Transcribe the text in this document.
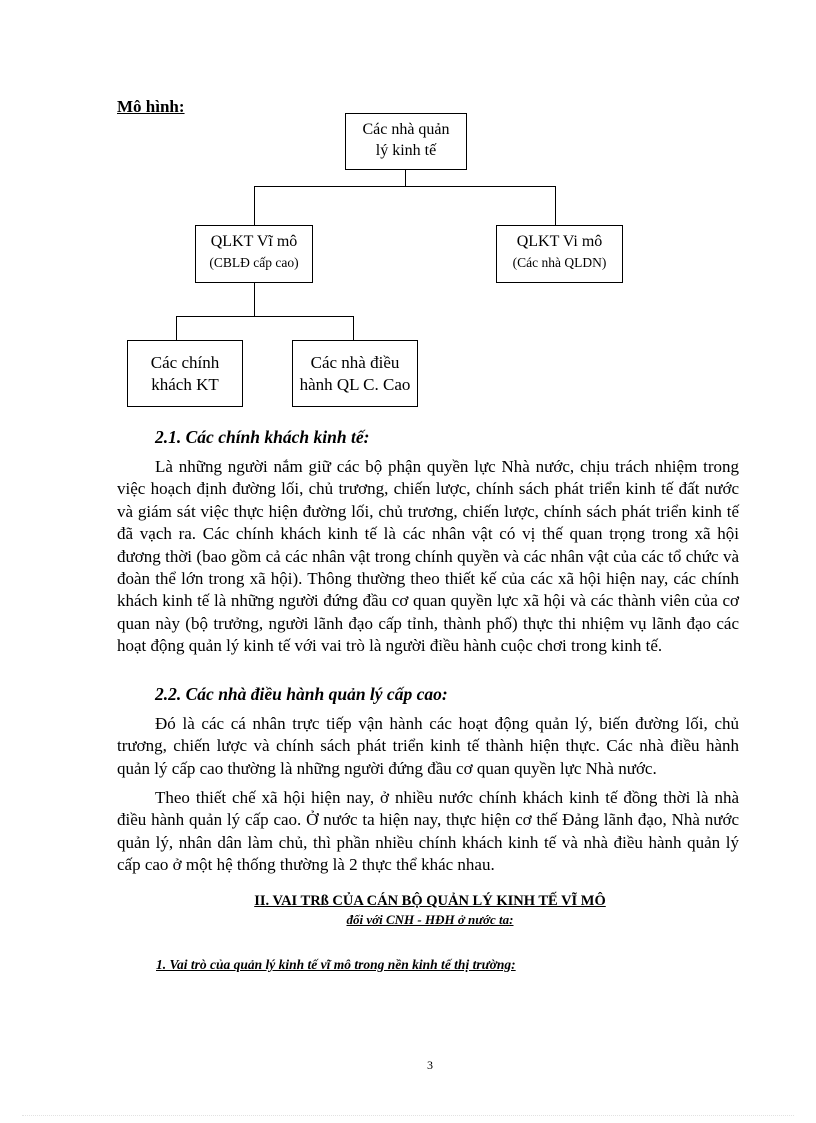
Mô hình:
Các nhà quản
lý kinh tế
QLKT Vĩ mô
(CBLĐ cấp cao)
QLKT Vi mô
(Các nhà QLDN)
Các chính
khách KT
Các nhà điều
hành QL C. Cao
2.1. Các chính khách kinh tế:
Là những người nắm giữ các bộ phận quyền lực Nhà nước, chịu trách nhiệm trong việc hoạch định đường lối, chủ trương, chiến lược, chính sách phát triển kinh tế đất nước và giám sát việc thực hiện đường lối, chủ trương, chiến lược, chính sách phát triển kinh tế đã vạch ra. Các chính khách kinh tế là các nhân vật có vị thế quan trọng trong xã hội đương thời (bao gồm cả các nhân vật trong chính quyền và các nhân vật của các tổ chức và đoàn thể lớn trong xã hội). Thông thường theo thiết kế của các xã hội hiện nay, các chính khách kinh tế là những người đứng đầu cơ quan quyền lực xã hội và các thành viên của cơ quan này (bộ trưởng, người lãnh đạo cấp tỉnh, thành phố) thực thi nhiệm vụ lãnh đạo các hoạt động quản lý kinh tế với vai trò là người điều hành cuộc chơi trong kinh tế.
2.2. Các nhà điều hành quản lý cấp cao:
Đó là các cá nhân trực tiếp vận hành các hoạt động quản lý, biến đường lối, chủ trương, chiến lược và chính sách phát triển kinh tế thành hiện thực. Các nhà điều hành quản lý cấp cao thường là những người đứng đầu cơ quan quyền lực Nhà nước.
Theo thiết chế xã hội hiện nay, ở nhiều nước chính khách kinh tế đồng thời là nhà điều hành quản lý cấp cao. Ở nước ta hiện nay, thực hiện cơ thế Đảng lãnh đạo, Nhà nước quản lý, nhân dân làm chủ, thì phần nhiều chính khách kinh tế và nhà điều hành quản lý cấp cao ở một hệ thống thường là 2 thực thể khác nhau.
II. VAI TRß CỦA CÁN BỘ QUẢN LÝ KINH TẾ VĨ MÔ
đối với CNH - HĐH ở nước ta:
1. Vai trò của quản lý kinh tế vĩ mô trong nền kinh tế thị trường:
3
